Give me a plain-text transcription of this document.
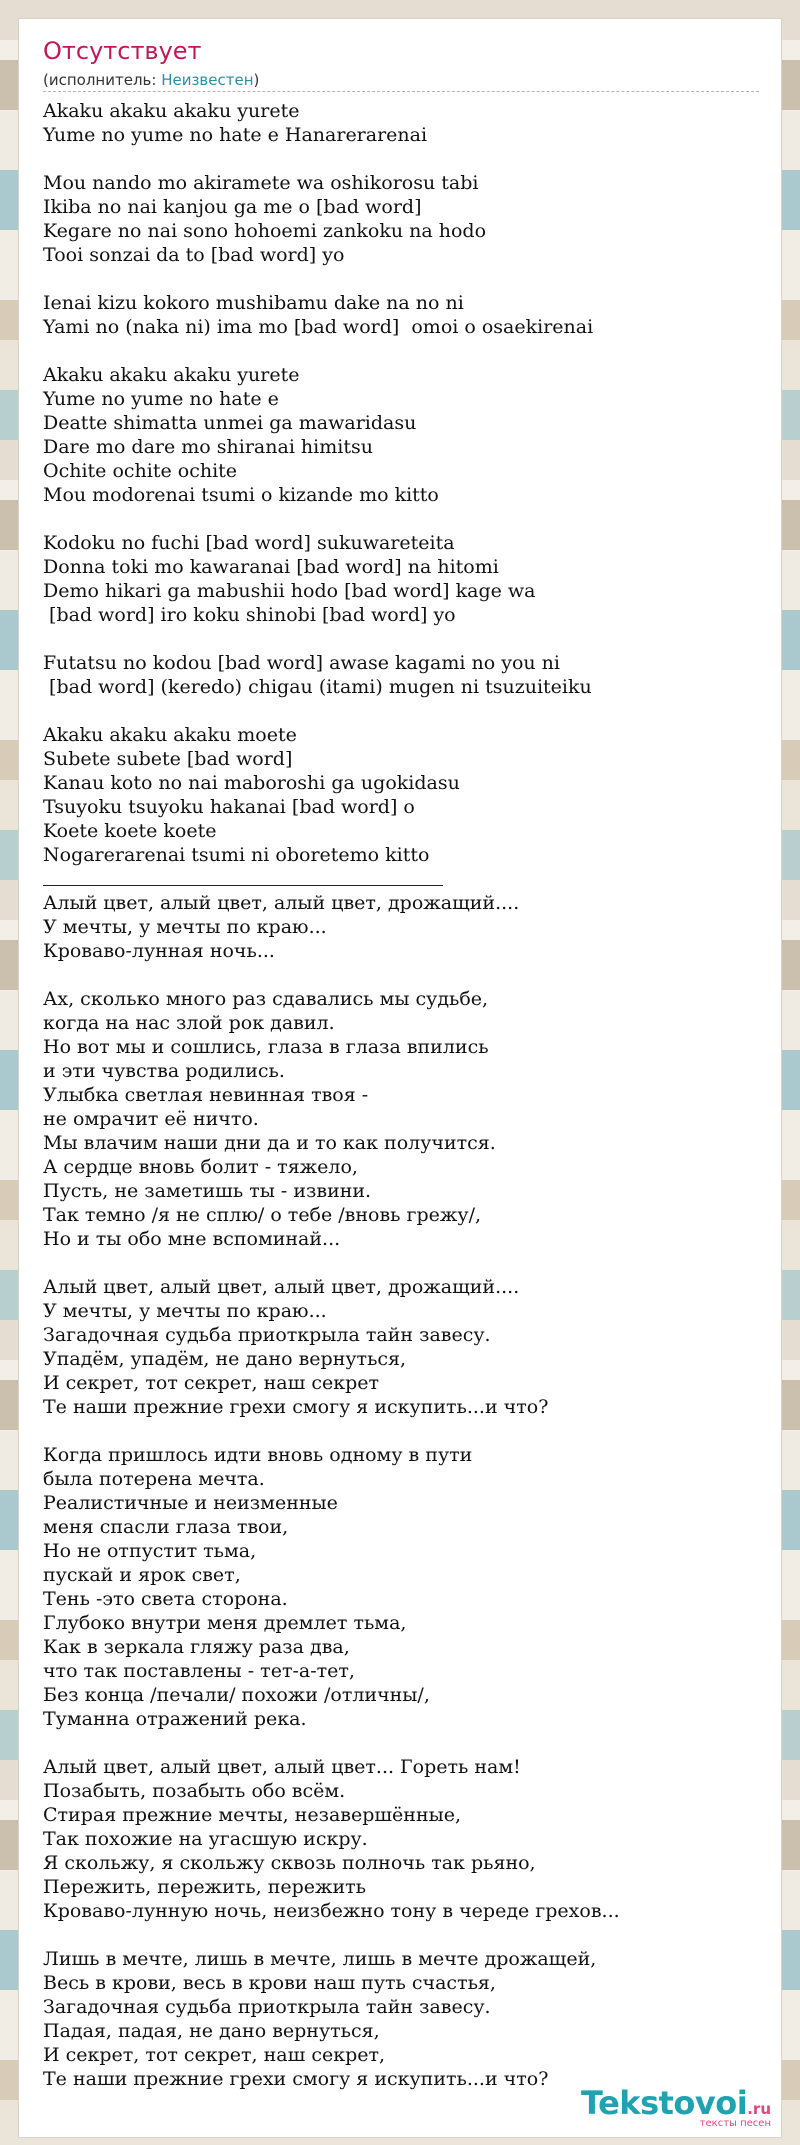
Отсутствует
(исполнитель: Неизвестен)
Akaku akaku akaku yurete
Yume no yume no hate e Hanarerarenai
Mou nando mo akiramete wa oshikorosu tabi
Ikiba no nai kanjou ga me o [bad word]
Kegare no nai sono hohoemi zankoku na hodo
Tooi sonzai da to [bad word] yo
Ienai kizu kokoro mushibamu dake na no ni
Yami no (naka ni) ima mo [bad word]  omoi o osaekirenai
Akaku akaku akaku yurete
Yume no yume no hate e
Deatte shimatta unmei ga mawaridasu
Dare mo dare mo shiranai himitsu
Ochite ochite ochite
Mou modorenai tsumi o kizande mo kitto
Kodoku no fuchi [bad word] sukuwareteita
Donna toki mo kawaranai [bad word] na hitomi
Demo hikari ga mabushii hodo [bad word] kage wa
[bad word] iro koku shinobi [bad word] yo
Futatsu no kodou [bad word] awase kagami no you ni
[bad word] (keredo) chigau (itami) mugen ni tsuzuiteiku
Akaku akaku akaku moete
Subete subete [bad word]
Kanau koto no nai maboroshi ga ugokidasu
Tsuyoku tsuyoku hakanai [bad word] o
Koete koete koete
Nogarerarenai tsumi ni oboretemo kitto
Алый цвет, алый цвет, алый цвет, дрожащий....
У мечты, у мечты по краю...
Кроваво-лунная ночь...
Ах, сколько много раз сдавались мы судьбе,
когда на нас злой рок давил.
Но вот мы и сошлись, глаза в глаза впились
и эти чувства родились.
Улыбка светлая невинная твоя -
не омрачит её ничто.
Мы влачим наши дни да и то как получится.
А сердце вновь болит - тяжело,
Пусть, не заметишь ты - извини.
Так темно /я не сплю/ о тебе /вновь грежу/,
Но и ты обо мне вспоминай...
Алый цвет, алый цвет, алый цвет, дрожащий....
У мечты, у мечты по краю...
Загадочная судьба приоткрыла тайн завесу.
Упадём, упадём, не дано вернуться,
И секрет, тот секрет, наш секрет
Те наши прежние грехи смогу я искупить...и что?
Когда пришлось идти вновь одному в пути
была потерена мечта.
Реалистичные и неизменные
меня спасли глаза твои,
Но не отпустит тьма,
пускай и ярок свет,
Тень -это света сторона.
Глубоко внутри меня дремлет тьма,
Как в зеркала гляжу раза два,
что так поставлены - тет-а-тет,
Без конца /печали/ похожи /отличны/,
Туманна отражений река.
Алый цвет, алый цвет, алый цвет... Гореть нам!
Позабыть, позабыть обо всём.
Стирая прежние мечты, незавершённые,
Так похожие на угасшую искру.
Я скольжу, я скольжу сквозь полночь так рьяно,
Пережить, пережить, пережить
Кроваво-лунную ночь, неизбежно тону в череде грехов...
Лишь в мечте, лишь в мечте, лишь в мечте дрожащей,
Весь в крови, весь в крови наш путь счастья,
Загадочная судьба приоткрыла тайн завесу.
Падая, падая, не дано вернуться,
И секрет, тот секрет, наш секрет,
Те наши прежние грехи смогу я искупить...и что?
Tekstovoi.ru
тексты песен
